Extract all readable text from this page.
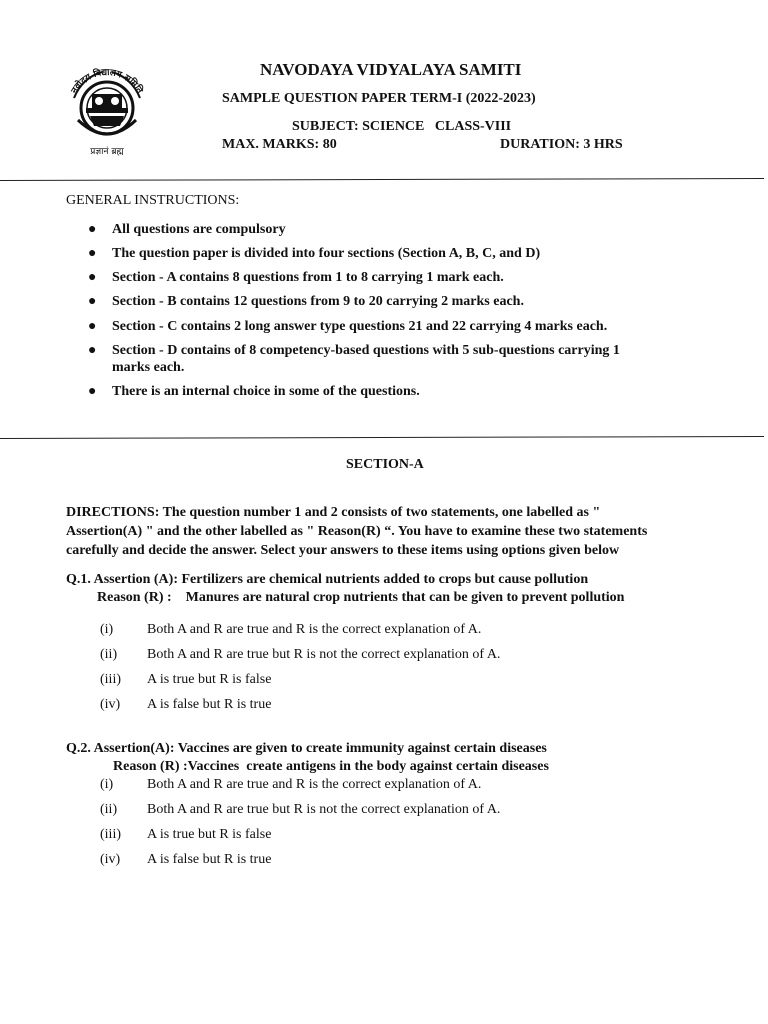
नवोदय विद्यालय समिति
प्रज्ञानं ब्रह्म
NAVODAYA VIDYALAYA SAMITI
SAMPLE QUESTION PAPER TERM-I (2022-2023)
SUBJECT: SCIENCE   CLASS-VIII
MAX. MARKS: 80	DURATION: 3 HRS
GENERAL INSTRUCTIONS:
● All questions are compulsory
● The question paper is divided into four sections (Section A, B, C, and D)
● Section - A contains 8 questions from 1 to 8 carrying 1 mark each.
● Section - B contains 12 questions from 9 to 20 carrying 2 marks each.
● Section - C contains 2 long answer type questions 21 and 22 carrying 4 marks each.
● Section - D contains of 8 competency-based questions with 5 sub-questions carrying 1
marks each.
● There is an internal choice in some of the questions.
SECTION-A
DIRECTIONS: The question number 1 and 2 consists of two statements, one labelled as "
Assertion(A) " and the other labelled as " Reason(R) “. You have to examine these two statements
carefully and decide the answer. Select your answers to these items using options given below
Q.1. Assertion (A): Fertilizers are chemical nutrients added to crops but cause pollution
Reason (R) :    Manures are natural crop nutrients that can be given to prevent pollution
(i) Both A and R are true and R is the correct explanation of A.
(ii) Both A and R are true but R is not the correct explanation of A.
(iii) A is true but R is false
(iv) A is false but R is true
Q.2. Assertion(A): Vaccines are given to create immunity against certain diseases
Reason (R) :Vaccines  create antigens in the body against certain diseases
(i) Both A and R are true and R is the correct explanation of A.
(ii) Both A and R are true but R is not the correct explanation of A.
(iii) A is true but R is false
(iv) A is false but R is true
